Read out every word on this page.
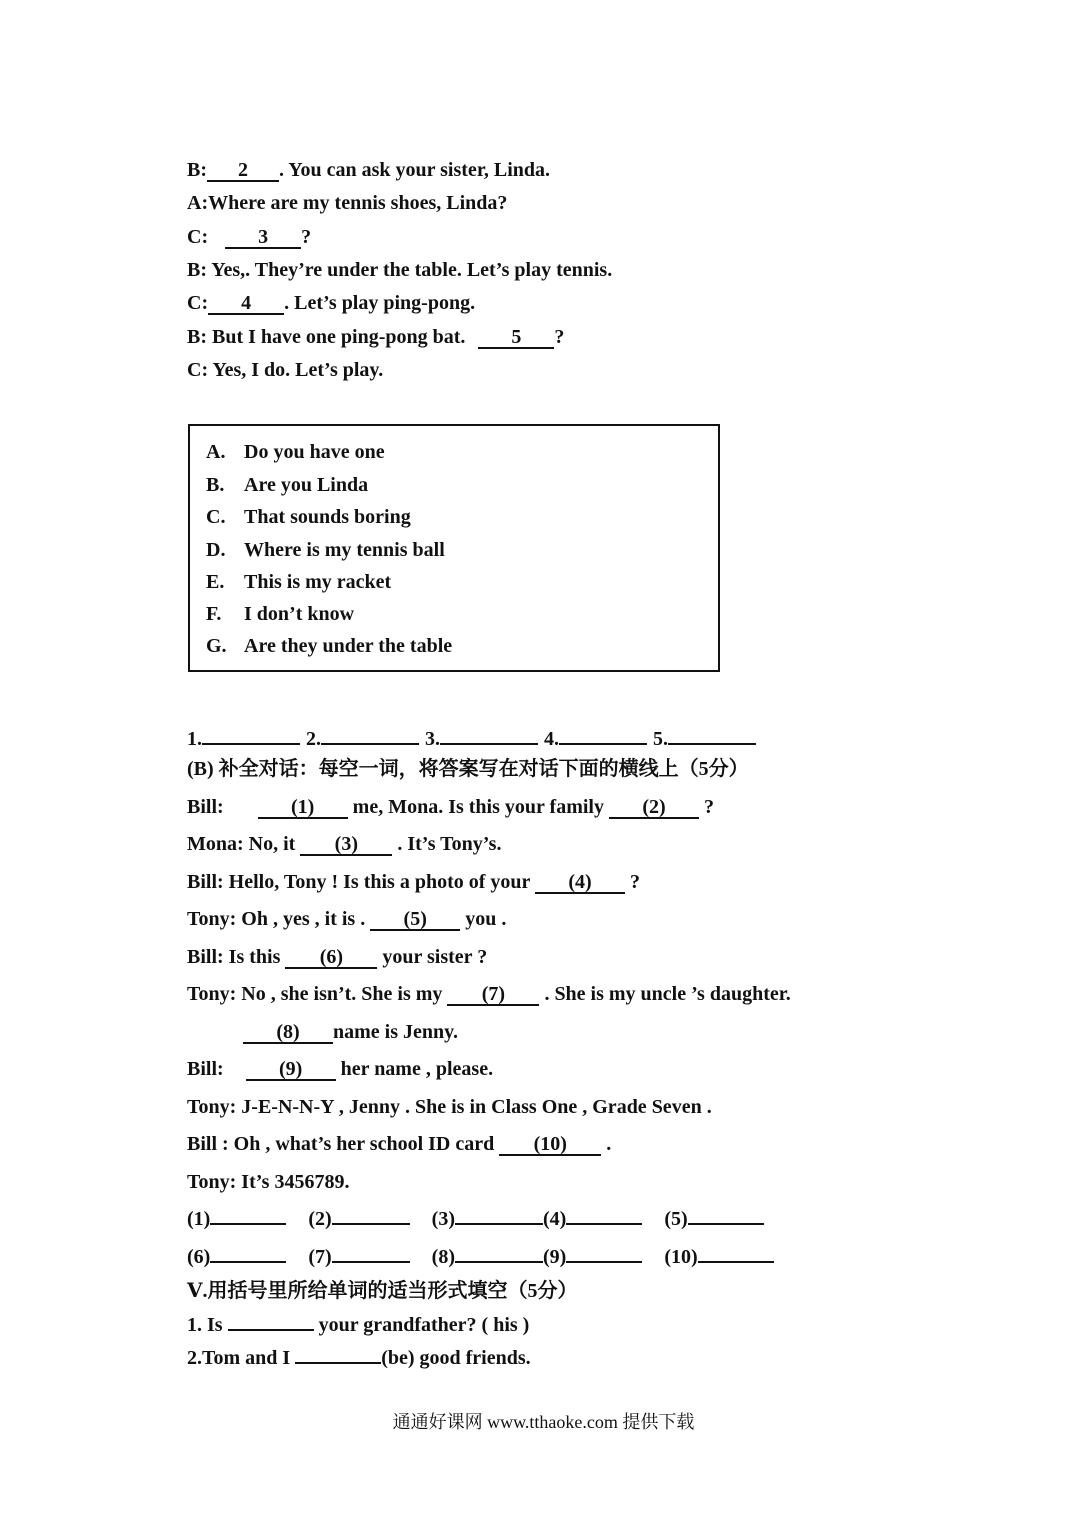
B: 2 . You can ask your sister, Linda.
A:Where are my tennis shoes, Linda?
C: 3 ?
B: Yes,. They’re under the table. Let’s play tennis.
C: 4 . Let’s play ping-pong.
B: But I have one ping-pong bat. 5 ?
C: Yes, I do. Let’s play.
A. Do you have one
B. Are you Linda
C. That sounds boring
D. Where is my tennis ball
E. This is my racket
F. I don’t know
G. Are they under the table
1.	2.	3.	4.	5.
(B) 补全对话：每空一词，将答案写在对话下面的横线上（5分）
Bill:	(1) me, Mona. Is this your family (2) ?
Mona: No, it (3) . It’s Tony’s.
Bill: Hello, Tony ! Is this a photo of your (4) ?
Tony: Oh , yes , it is . (5) you .
Bill: Is this (6) your sister ?
Tony: No , she isn’t. She is my (7) . She is my uncle ’s daughter.
(8) name is Jenny.
Bill:	(9) her name , please.
Tony: J-E-N-N-Y , Jenny . She is in Class One , Grade Seven .
Bill : Oh , what’s her school ID card (10) .
Tony: It’s 3456789.
(1)	(2)	(3)	(4)	(5)
(6)	(7)	(8)	(9)	(10)
Ⅴ.用括号里所给单词的适当形式填空（5分）
1. Is	your grandfather? ( his )
2.Tom and I	(be) good friends.
通通好课网 www.tthaoke.com 提供下载
